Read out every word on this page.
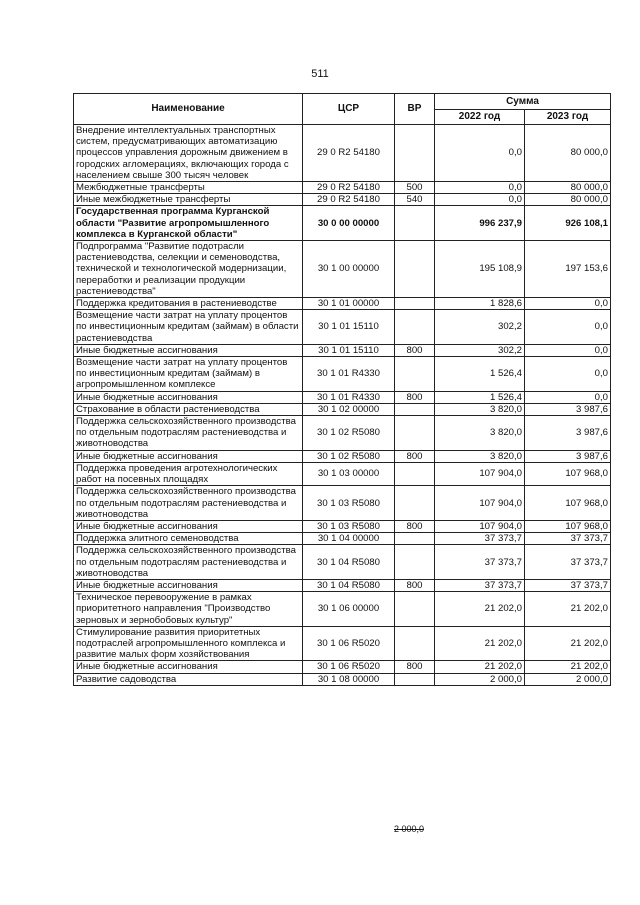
511
Наименование	ЦСР	ВР	Сумма	
			2022 год	2023 год
Внедрение интеллектуальных транспортных систем, предусматривающих автоматизацию процессов управления дорожным движением в городских агломерациях, включающих города с населением свыше 300 тысяч человек	29 0 R2 54180		0,0	80 000,0
Межбюджетные трансферты	29 0 R2 54180	500	0,0	80 000,0
Иные межбюджетные трансферты	29 0 R2 54180	540	0,0	80 000,0
Государственная программа Курганской области "Развитие агропромышленного комплекса в Курганской области"	30 0 00 00000		996 237,9	926 108,1
Подпрограмма "Развитие подотрасли растениеводства, селекции и семеноводства, технической и технологической модернизации, переработки и реализации продукции растениеводства"	30 1 00 00000		195 108,9	197 153,6
Поддержка кредитования в растениеводстве	30 1 01 00000		1 828,6	0,0
Возмещение части затрат на уплату процентов по инвестиционным кредитам (займам) в области растениеводства	30 1 01 15110		302,2	0,0
Иные бюджетные ассигнования	30 1 01 15110	800	302,2	0,0
Возмещение части затрат на уплату процентов по инвестиционным кредитам (займам) в агропромышленном комплексе	30 1 01 R4330		1 526,4	0,0
Иные бюджетные ассигнования	30 1 01 R4330	800	1 526,4	0,0
Страхование в области растениеводства	30 1 02 00000		3 820,0	3 987,6
Поддержка сельскохозяйственного производства по отдельным подотраслям растениеводства и животноводства	30 1 02 R5080		3 820,0	3 987,6
Иные бюджетные ассигнования	30 1 02 R5080	800	3 820,0	3 987,6
Поддержка проведения агротехнологических работ на посевных площадях	30 1 03 00000		107 904,0	107 968,0
Поддержка сельскохозяйственного производства по отдельным подотраслям растениеводства и животноводства	30 1 03 R5080		107 904,0	107 968,0
Иные бюджетные ассигнования	30 1 03 R5080	800	107 904,0	107 968,0
Поддержка элитного семеноводства	30 1 04 00000		37 373,7	37 373,7
Поддержка сельскохозяйственного производства по отдельным подотраслям растениеводства и животноводства	30 1 04 R5080		37 373,7	37 373,7
Иные бюджетные ассигнования	30 1 04 R5080	800	37 373,7	37 373,7
Техническое перевооружение в рамках приоритетного направления "Производство зерновых и зернобобовых культур"	30 1 06 00000		21 202,0	21 202,0
Стимулирование развития приоритетных подотраслей агропромышленного комплекса и развитие малых форм хозяйствования	30 1 06 R5020		21 202,0	21 202,0
Иные бюджетные ассигнования	30 1 06 R5020	800	21 202,0	21 202,0
Развитие садоводства	30 1 08 00000		2 000,0	2 000,0
2 000,0
